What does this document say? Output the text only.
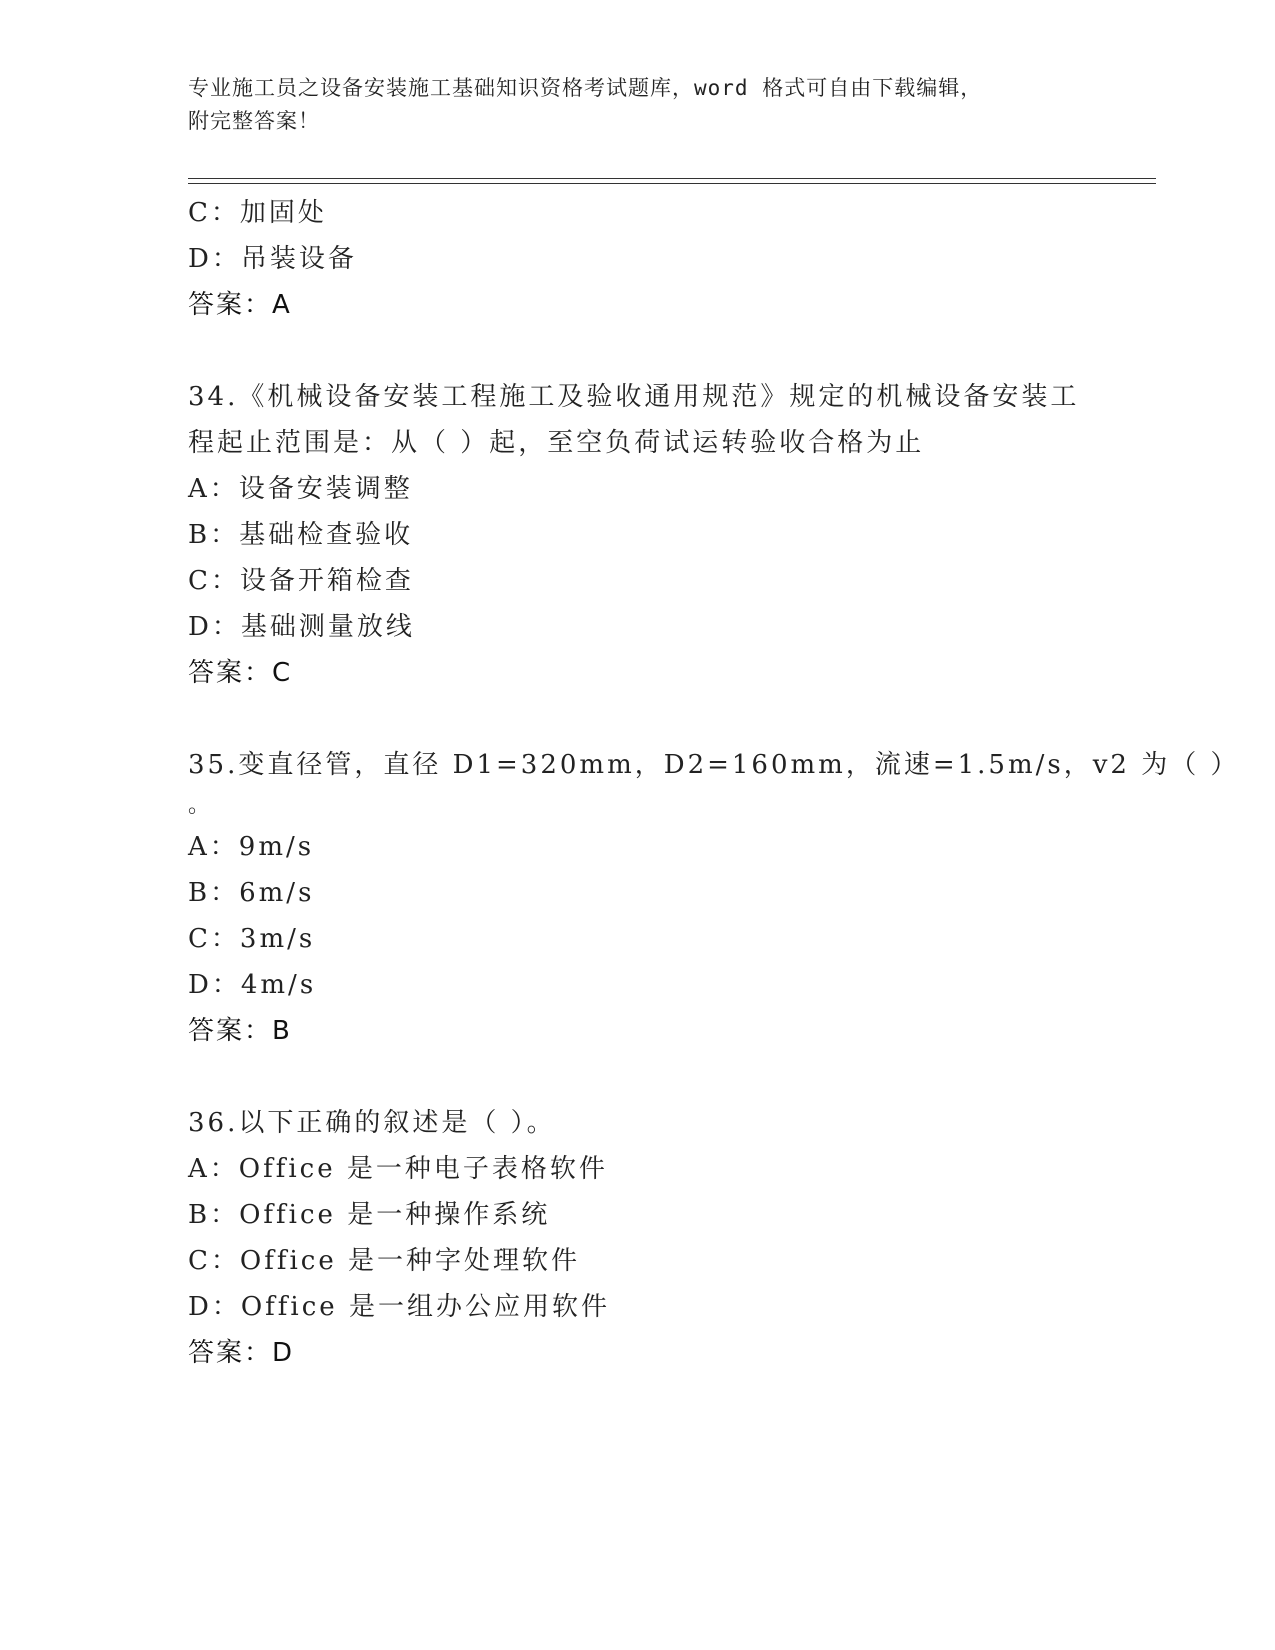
专业施工员之设备安装施工基础知识资格考试题库，word 格式可自由下载编辑，
附完整答案！
C：加固处
D：吊装设备
答案：A
34.《机械设备安装工程施工及验收通用规范》规定的机械设备安装工
程起止范围是：从（ ）起，至空负荷试运转验收合格为止
A：设备安装调整
B：基础检查验收
C：设备开箱检查
D：基础测量放线
答案：C
35.变直径管，直径 D1=320mm，D2=160mm，流速=1.5m/s，v2 为（ ）
。
A：9m/s
B：6m/s
C：3m/s
D：4m/s
答案：B
36.以下正确的叙述是（ ）。
A：Office 是一种电子表格软件
B：Office 是一种操作系统
C：Office 是一种字处理软件
D：Office 是一组办公应用软件
答案：D
